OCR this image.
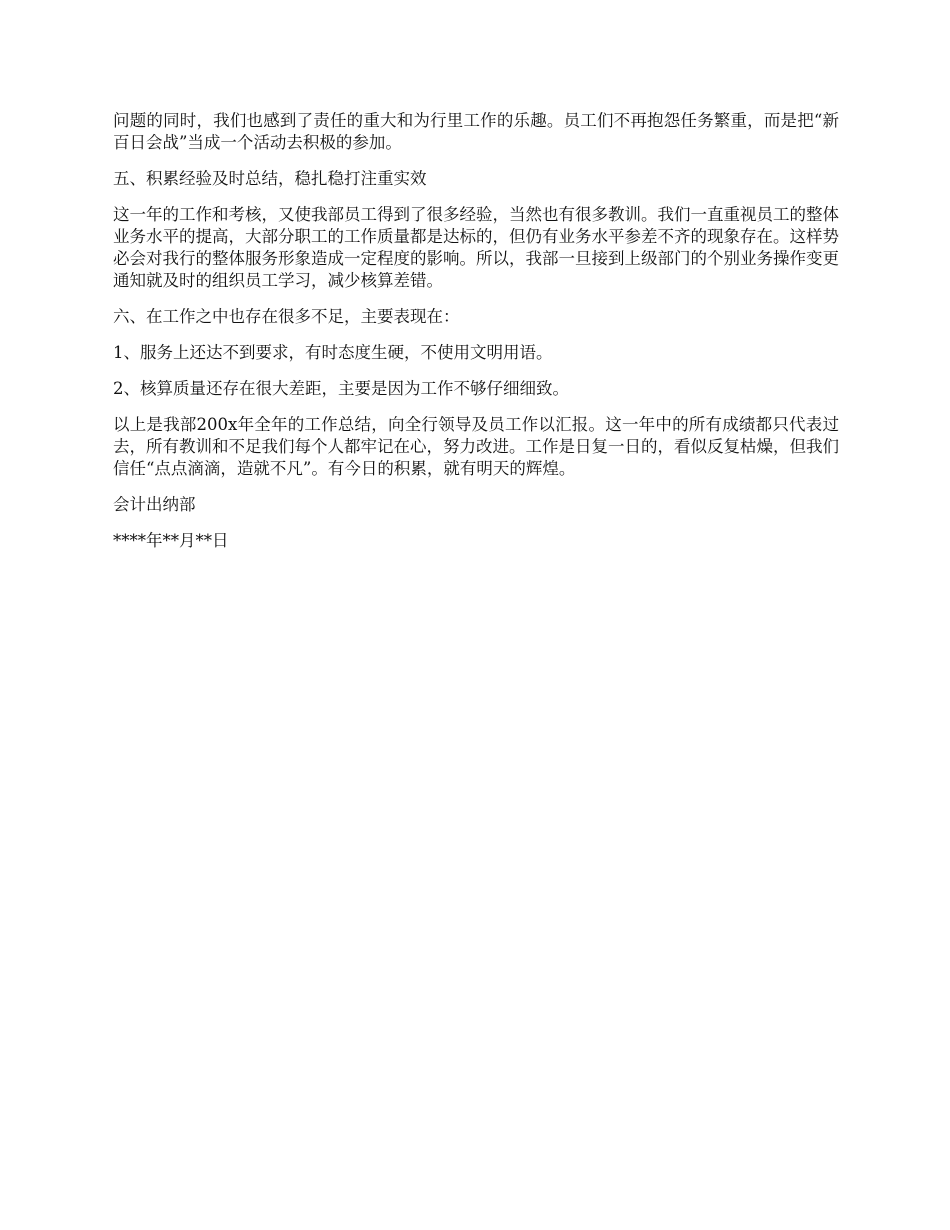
问题的同时，我们也感到了责任的重大和为行里工作的乐趣。员工们不再抱怨任务繁重，而是把“新百日会战”当成一个活动去积极的参加。

五、积累经验及时总结，稳扎稳打注重实效

这一年的工作和考核，又使我部员工得到了很多经验，当然也有很多教训。我们一直重视员工的整体业务水平的提高，大部分职工的工作质量都是达标的，但仍有业务水平参差不齐的现象存在。这样势必会对我行的整体服务形象造成一定程度的影响。所以，我部一旦接到上级部门的个别业务操作变更通知就及时的组织员工学习，减少核算差错。

六、在工作之中也存在很多不足，主要表现在：

1、服务上还达不到要求，有时态度生硬，不使用文明用语。

2、核算质量还存在很大差距，主要是因为工作不够仔细细致。

以上是我部200x年全年的工作总结，向全行领导及员工作以汇报。这一年中的所有成绩都只代表过去，所有教训和不足我们每个人都牢记在心，努力改进。工作是日复一日的，看似反复枯燥，但我们信任“点点滴滴，造就不凡”。有今日的积累，就有明天的辉煌。

会计出纳部

****年**月**日
